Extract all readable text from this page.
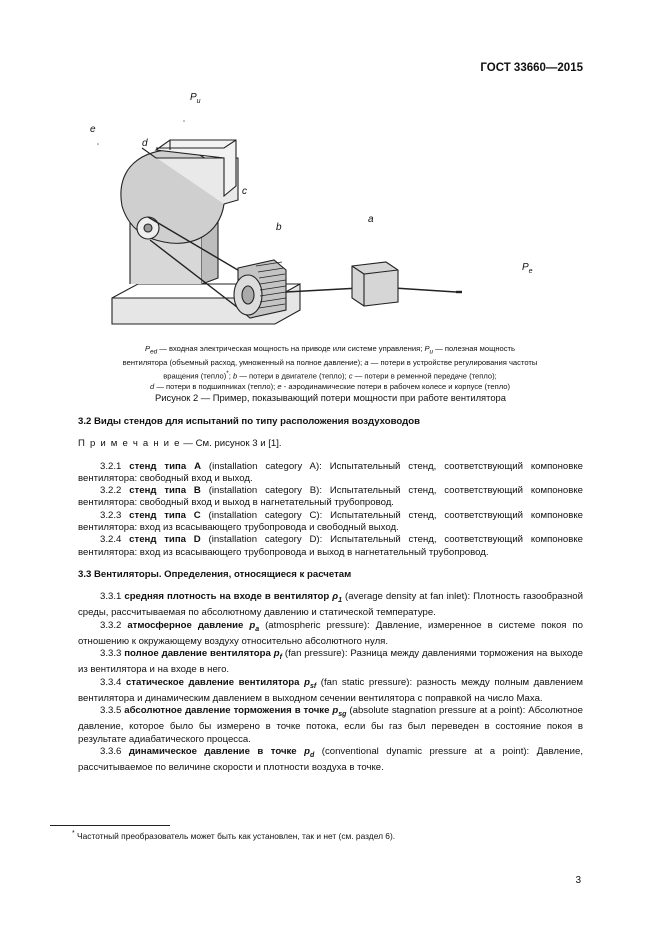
ГОСТ 33660—2015
$P_u$
e
d
c
b
a
$P_e$
$P_{ed}$ — входная электрическая мощность на приводе или системе управления; $P_u$ — полезная мощность
вентилятора (объемный расход, умноженный на полное давление); a — потери в устройстве регулирования частоты
вращения (тепло)*; b — потери в двигателе (тепло); c — потери в ременной передаче (тепло);
d — потери в подшипниках (тепло); e - аэродинамические потери в рабочем колесе и корпусе (тепло)
Рисунок 2 — Пример, показывающий потери мощности при работе вентилятора

3.2 Виды стендов для испытаний по типу расположения воздуховодов

П р и м е ч а н и е — См. рисунок 3 и [1].

3.2.1 стенд типа A (installation category A): Испытательный стенд, соответствующий компоновке вентилятора: свободный вход и выход.

3.2.2 стенд типа B (installation category B): Испытательный стенд, соответствующий компоновке вентилятора: свободный вход и выход в нагнетательный трубопровод.

3.2.3 стенд типа C (installation category C): Испытательный стенд, соответствующий компоновке вентилятора: вход из всасывающего трубопровода и свободный выход.

3.2.4 стенд типа D (installation category D): Испытательный стенд, соответствующий компоновке вентилятора: вход из всасывающего трубопровода и выход в нагнетательный трубопровод.

3.3 Вентиляторы. Определения, относящиеся к расчетам

3.3.1 средняя плотность на входе в вентилятор $\rho_1$ (average density at fan inlet): Плотность газообразной среды, рассчитываемая по абсолютному давлению и статической температуре.

3.3.2 атмосферное давление $p_a$ (atmospheric pressure): Давление, измеренное в системе покоя по отношению к окружающему воздуху относительно абсолютного нуля.

3.3.3 полное давление вентилятора $p_f$ (fan pressure): Разница между давлениями торможения на выходе из вентилятора и на входе в него.

3.3.4 статическое давление вентилятора $p_{sf}$ (fan static pressure): разность между полным давлением вентилятора и динамическим давлением в выходном сечении вентилятора с поправкой на число Маха.

3.3.5 абсолютное давление торможения в точке $p_{sg}$ (absolute stagnation pressure at a point): Абсолютное давление, которое было бы измерено в точке потока, если бы газ был переведен в состояние покоя в результате адиабатического процесса.

3.3.6 динамическое давление в точке $p_d$ (conventional dynamic pressure at a point): Давление, рассчитываемое по величине скорости и плотности воздуха в точке.

* Частотный преобразователь может быть как установлен, так и нет (см. раздел 6).
3
